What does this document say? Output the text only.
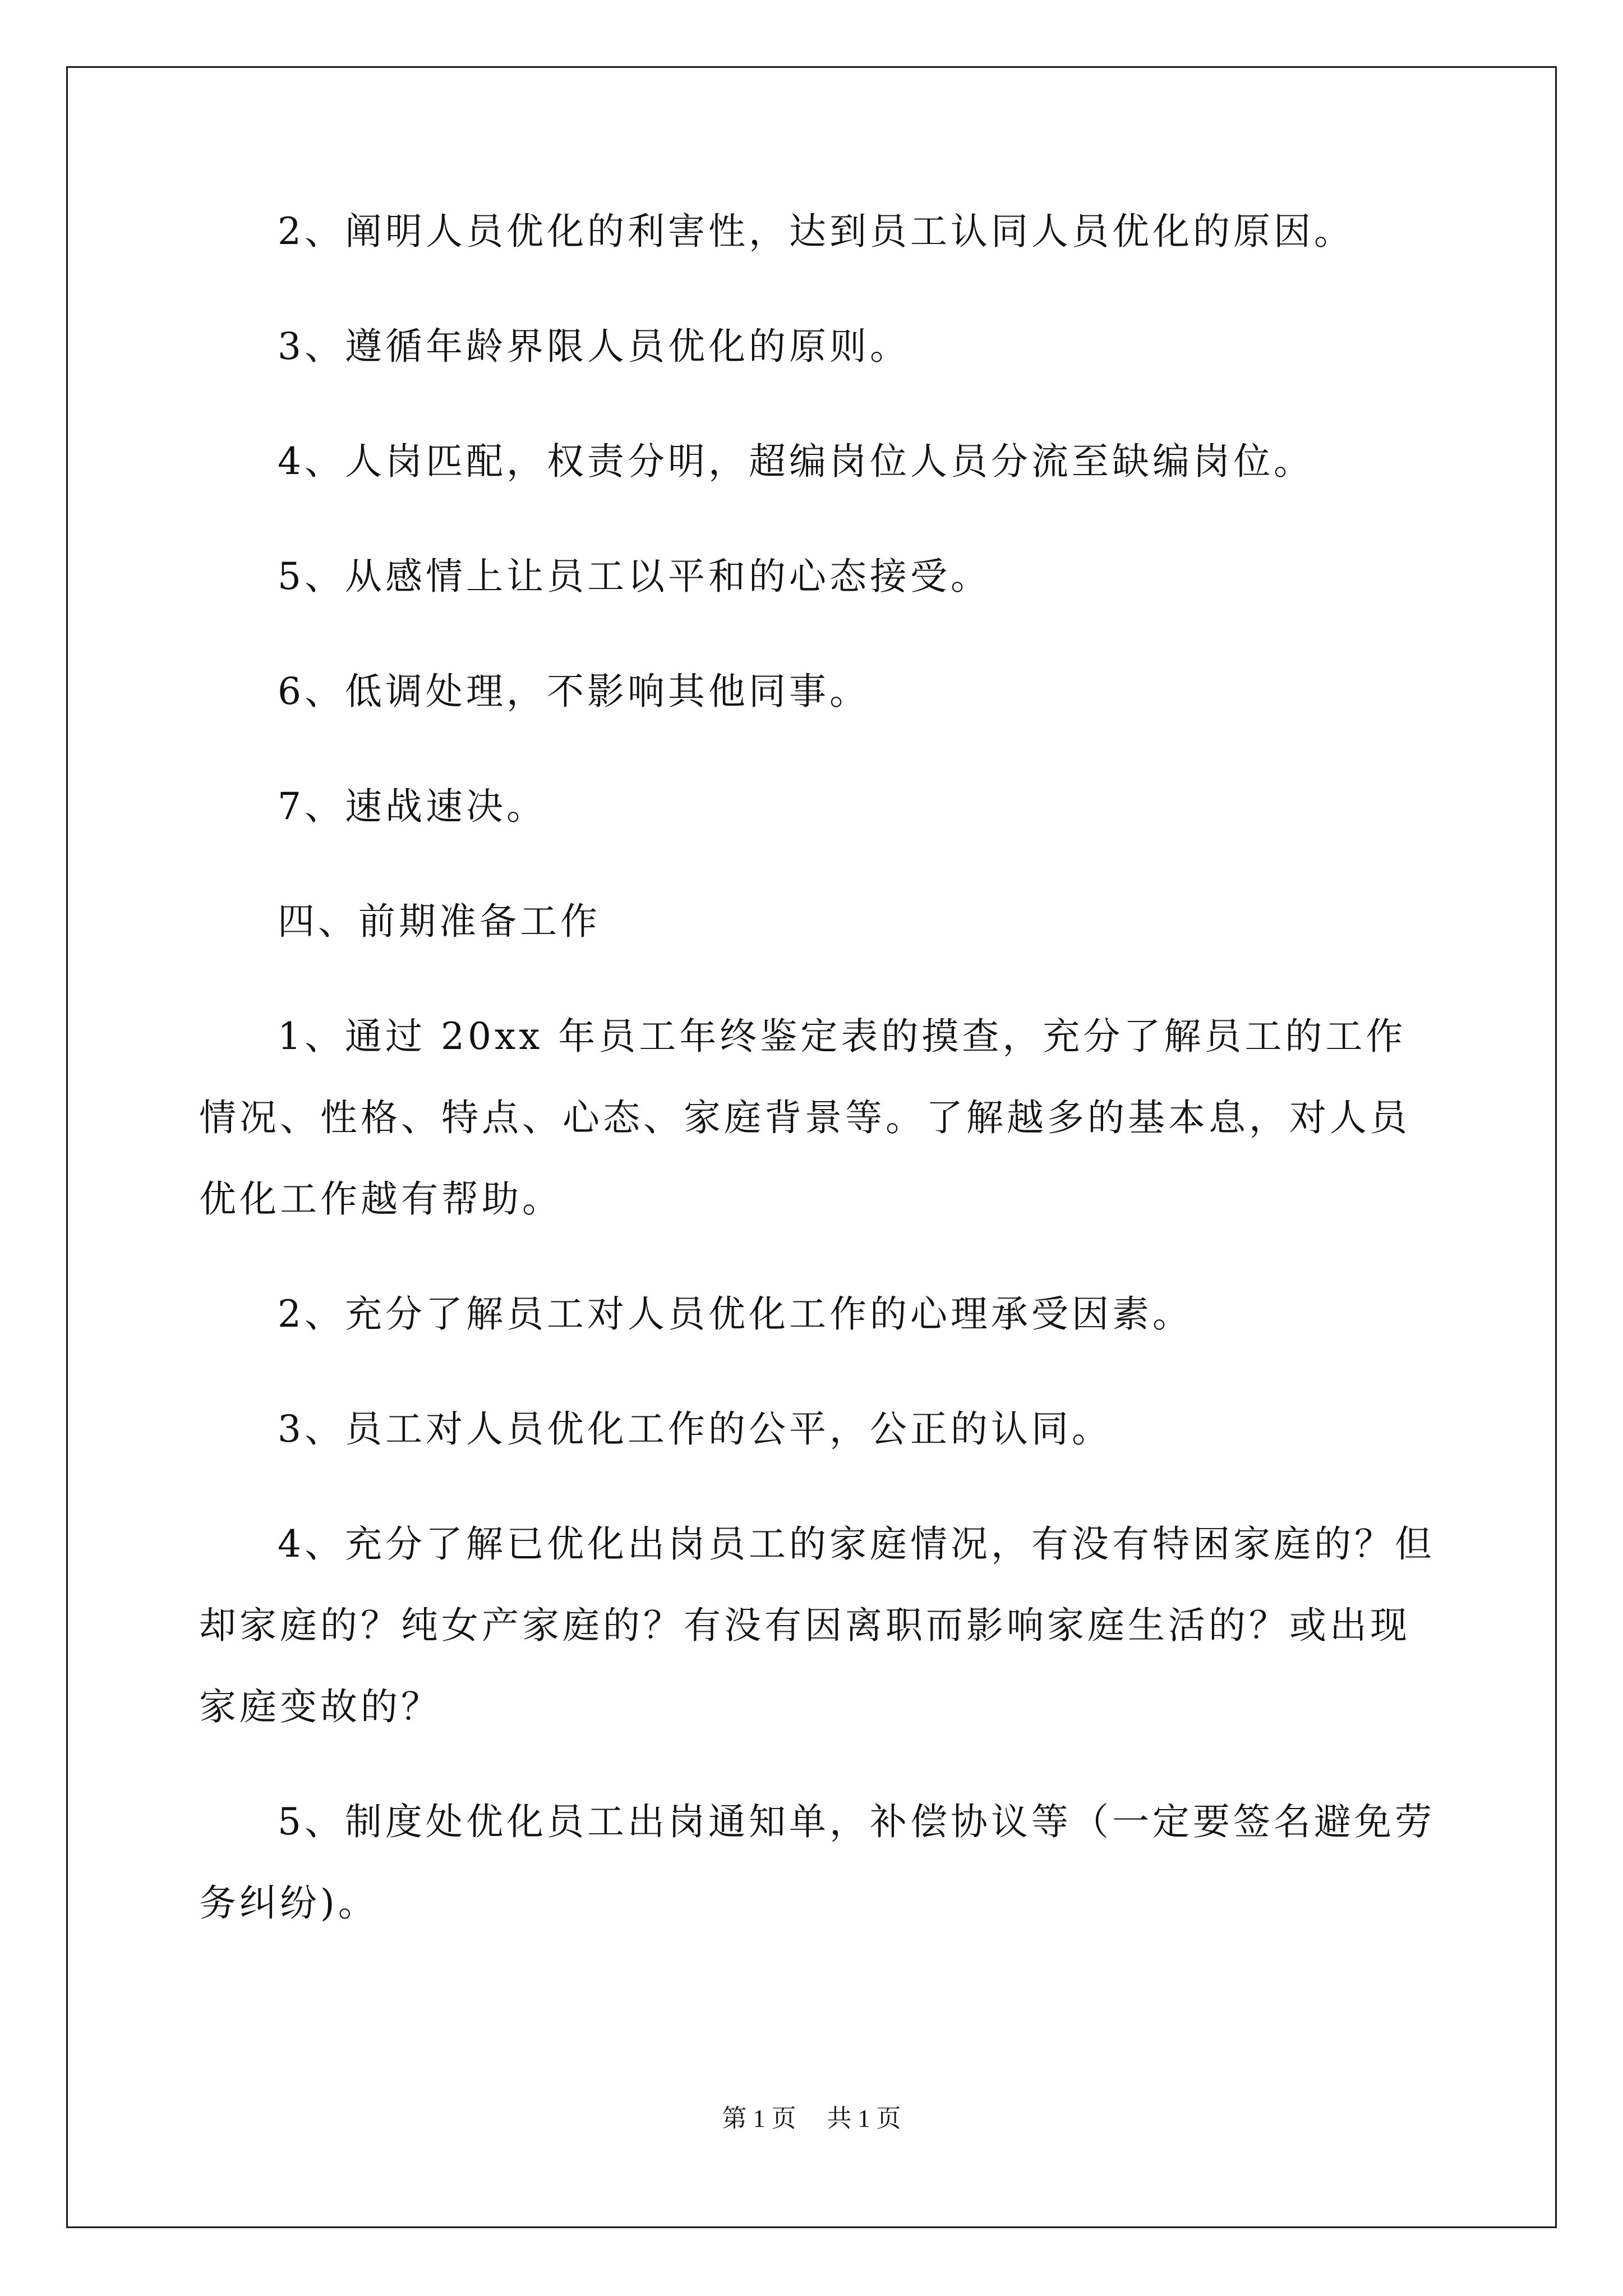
2、阐明人员优化的利害性，达到员工认同人员优化的原因。

3、遵循年龄界限人员优化的原则。

4、人岗匹配，权责分明，超编岗位人员分流至缺编岗位。

5、从感情上让员工以平和的心态接受。

6、低调处理，不影响其他同事。

7、速战速决。

四、前期准备工作

1、通过 20xx 年员工年终鉴定表的摸查，充分了解员工的工作情况、性格、特点、心态、家庭背景等。了解越多的基本息，对人员优化工作越有帮助。

2、充分了解员工对人员优化工作的心理承受因素。

3、员工对人员优化工作的公平，公正的认同。

4、充分了解已优化出岗员工的家庭情况，有没有特困家庭的？但却家庭的？纯女产家庭的？有没有因离职而影响家庭生活的？或出现家庭变故的？

5、制度处优化员工出岗通知单，补偿协议等（一定要签名避免劳务纠纷)。

第 1 页 共 1 页
